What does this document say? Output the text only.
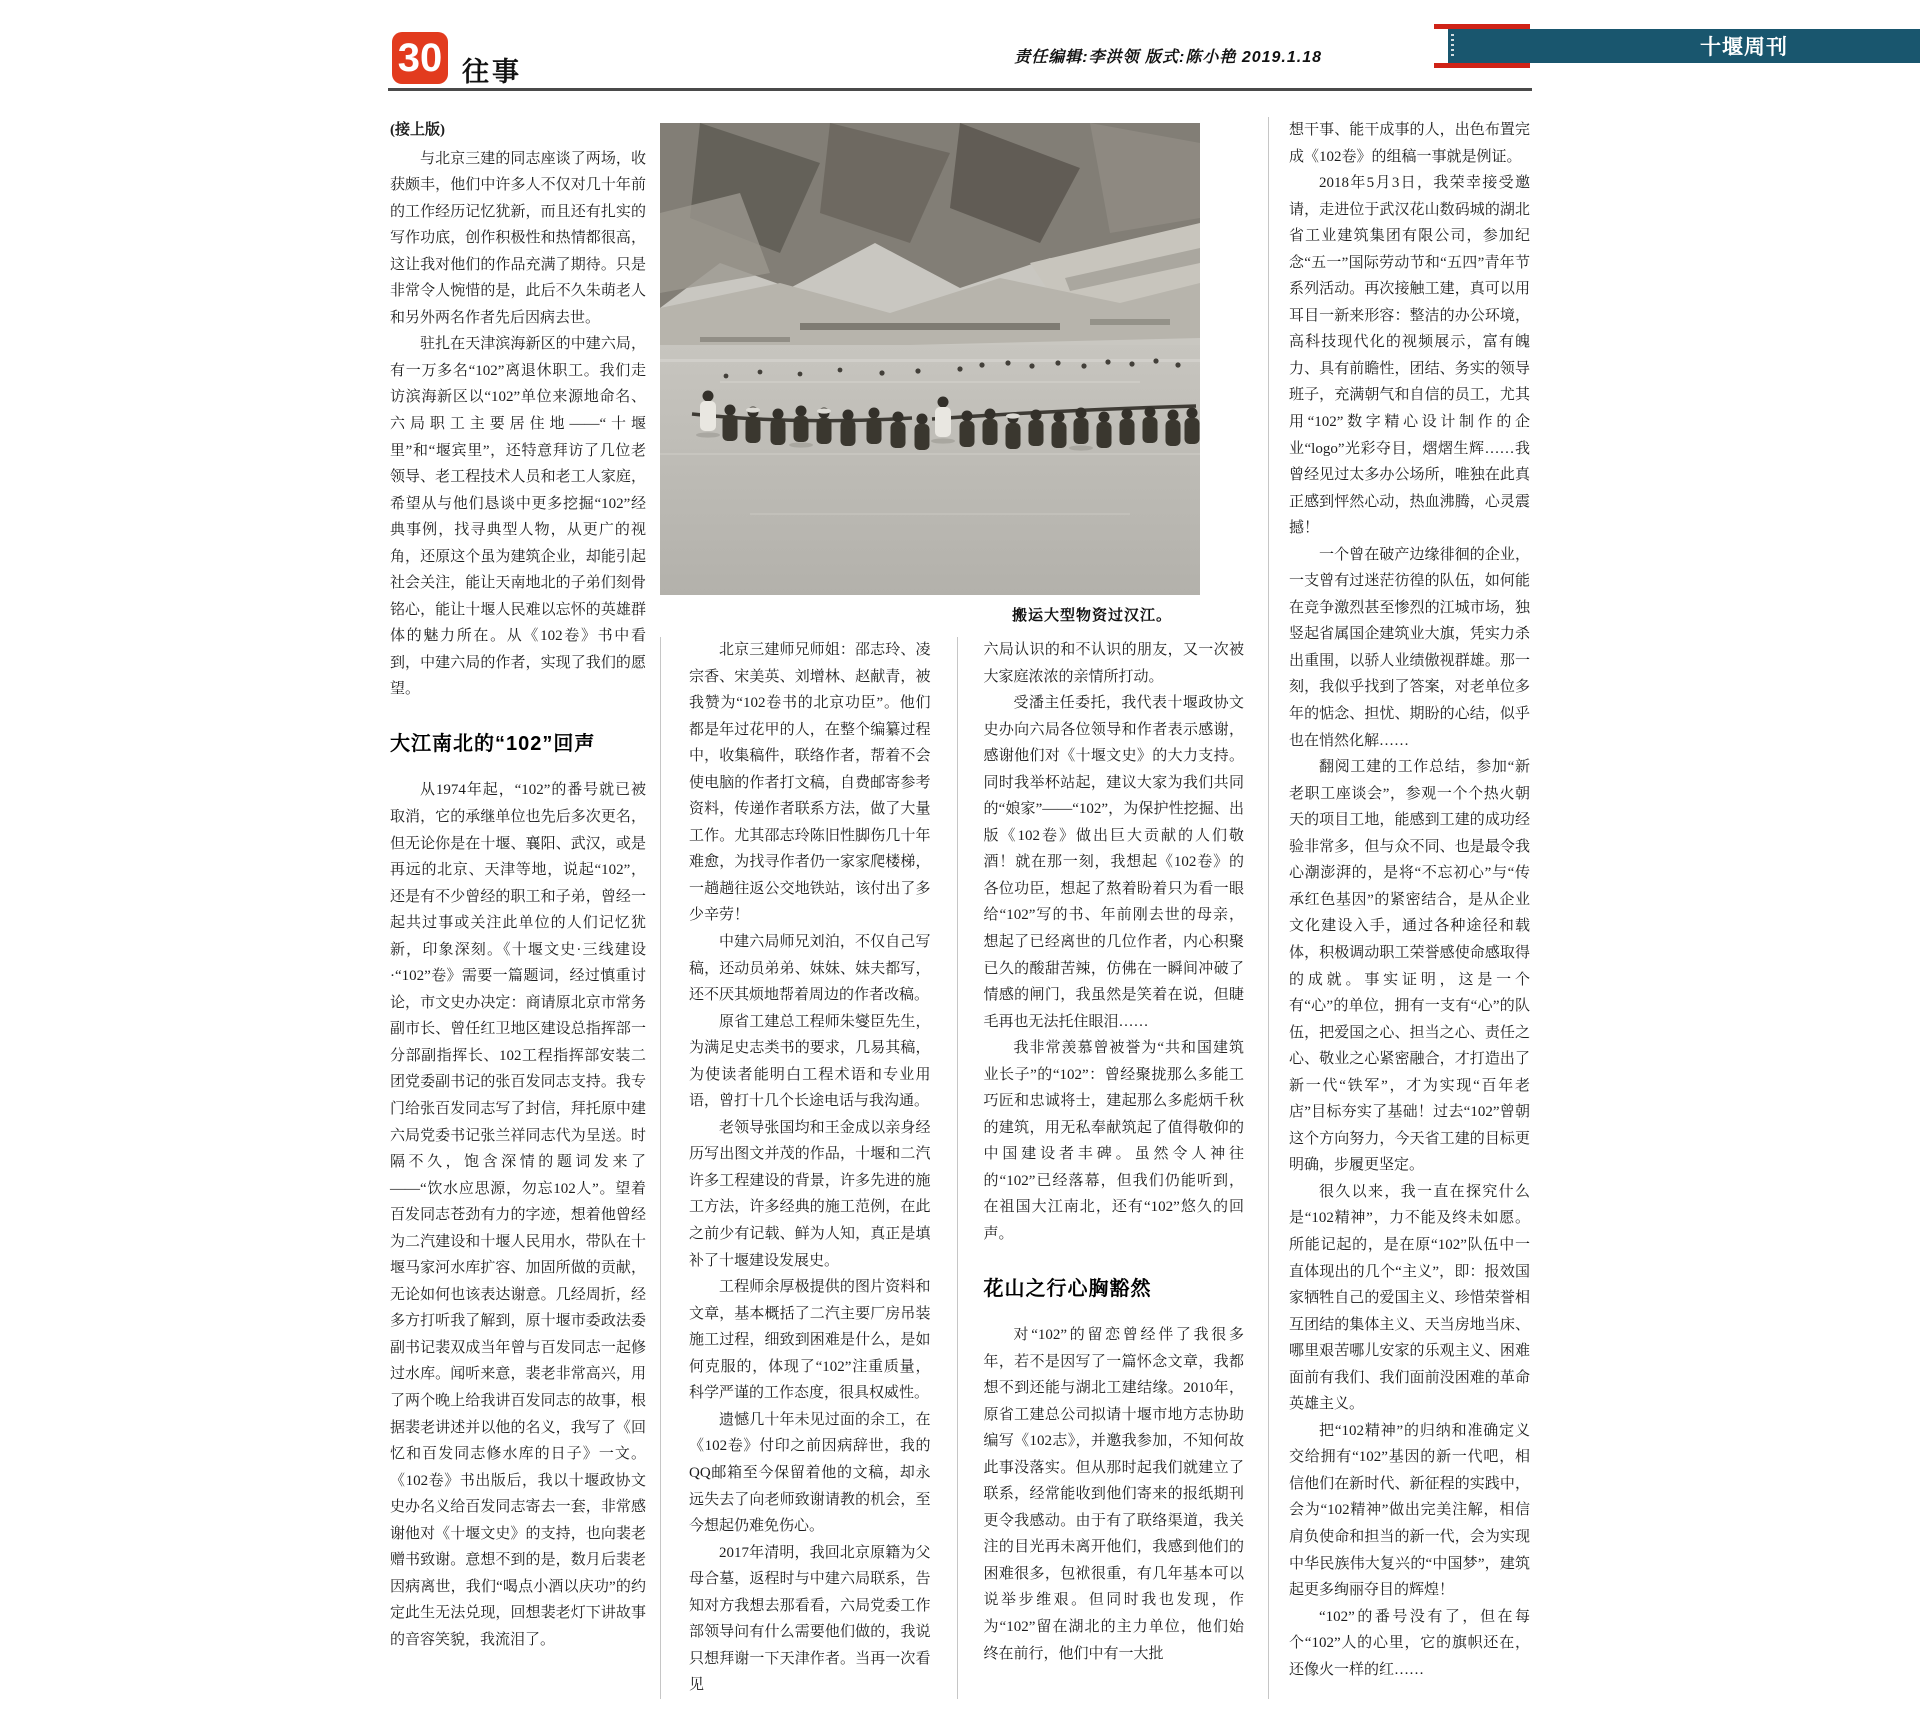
30 往事	责任编辑:李洪领 版式:陈小艳 2019.1.18	十堰周刊

(接上版)

与北京三建的同志座谈了两场，收获颇丰，他们中许多人不仅对几十年前的工作经历记忆犹新，而且还有扎实的写作功底，创作积极性和热情都很高，这让我对他们的作品充满了期待。只是非常令人惋惜的是，此后不久朱萌老人和另外两名作者先后因病去世。

驻扎在天津滨海新区的中建六局，有一万多名“102”离退休职工。我们走访滨海新区以“102”单位来源地命名、六局职工主要居住地——“十堰里”和“堰宾里”，还特意拜访了几位老领导、老工程技术人员和老工人家庭，希望从与他们恳谈中更多挖掘“102”经典事例，找寻典型人物，从更广的视角，还原这个虽为建筑企业，却能引起社会关注，能让天南地北的子弟们刻骨铭心，能让十堰人民难以忘怀的英雄群体的魅力所在。从《102卷》书中看到，中建六局的作者，实现了我们的愿望。

大江南北的“102”回声

从1974年起，“102”的番号就已被取消，它的承继单位也先后多次更名，但无论你是在十堰、襄阳、武汉，或是再远的北京、天津等地，说起“102”，还是有不少曾经的职工和子弟，曾经一起共过事或关注此单位的人们记忆犹新，印象深刻。《十堰文史·三线建设·“102”卷》需要一篇题词，经过慎重讨论，市文史办决定：商请原北京市常务副市长、曾任红卫地区建设总指挥部一分部副指挥长、102工程指挥部安装二团党委副书记的张百发同志支持。我专门给张百发同志写了封信，拜托原中建六局党委书记张兰祥同志代为呈送。时隔不久，饱含深情的题词发来了——“饮水应思源，勿忘102人”。望着百发同志苍劲有力的字迹，想着他曾经为二汽建设和十堰人民用水，带队在十堰马家河水库扩容、加固所做的贡献，无论如何也该表达谢意。几经周折，经多方打听我了解到，原十堰市委政法委副书记裴双成当年曾与百发同志一起修过水库。闻听来意，裴老非常高兴，用了两个晚上给我讲百发同志的故事，根据裴老讲述并以他的名义，我写了《回忆和百发同志修水库的日子》一文。《102卷》书出版后，我以十堰政协文史办名义给百发同志寄去一套，非常感谢他对《十堰文史》的支持，也向裴老赠书致谢。意想不到的是，数月后裴老因病离世，我们“喝点小酒以庆功”的约定此生无法兑现，回想裴老灯下讲故事的音容笑貌，我流泪了。

搬运大型物资过汉江。

北京三建师兄师姐：邵志玲、凌宗香、宋美英、刘增林、赵献青，被我赞为“102卷书的北京功臣”。他们都是年过花甲的人，在整个编纂过程中，收集稿件，联络作者，帮着不会使电脑的作者打文稿，自费邮寄参考资料，传递作者联系方法，做了大量工作。尤其邵志玲陈旧性脚伤几十年难愈，为找寻作者仍一家家爬楼梯，一趟趟往返公交地铁站，该付出了多少辛劳！

中建六局师兄刘泊，不仅自己写稿，还动员弟弟、妹妹、妹夫都写，还不厌其烦地帮着周边的作者改稿。

原省工建总工程师朱燮臣先生，为满足史志类书的要求，几易其稿，为使读者能明白工程术语和专业用语，曾打十几个长途电话与我沟通。

老领导张国均和王金成以亲身经历写出图文并茂的作品，十堰和二汽许多工程建设的背景，许多先进的施工方法，许多经典的施工范例，在此之前少有记载、鲜为人知，真正是填补了十堰建设发展史。

工程师余厚极提供的图片资料和文章，基本概括了二汽主要厂房吊装施工过程，细致到困难是什么，是如何克服的，体现了“102”注重质量，科学严谨的工作态度，很具权威性。

遗憾几十年未见过面的余工，在《102卷》付印之前因病辞世，我的QQ邮箱至今保留着他的文稿，却永远失去了向老师致谢请教的机会，至今想起仍难免伤心。

2017年清明，我回北京原籍为父母合墓，返程时与中建六局联系，告知对方我想去那看看，六局党委工作部领导问有什么需要他们做的，我说只想拜谢一下天津作者。当再一次看见

六局认识的和不认识的朋友，又一次被大家庭浓浓的亲情所打动。

受潘主任委托，我代表十堰政协文史办向六局各位领导和作者表示感谢，感谢他们对《十堰文史》的大力支持。同时我举杯站起，建议大家为我们共同的“娘家”——“102”，为保护性挖掘、出版《102卷》做出巨大贡献的人们敬酒！就在那一刻，我想起《102卷》的各位功臣，想起了熬着盼着只为看一眼给“102”写的书、年前刚去世的母亲，想起了已经离世的几位作者，内心积聚已久的酸甜苦辣，仿佛在一瞬间冲破了情感的闸门，我虽然是笑着在说，但睫毛再也无法托住眼泪……

我非常羡慕曾被誉为“共和国建筑业长子”的“102”：曾经聚拢那么多能工巧匠和忠诚将士，建起那么多彪炳千秋的建筑，用无私奉献筑起了值得敬仰的中国建设者丰碑。虽然令人神往的“102”已经落幕，但我们仍能听到，在祖国大江南北，还有“102”悠久的回声。

花山之行心胸豁然

对“102”的留恋曾经伴了我很多年，若不是因写了一篇怀念文章，我都想不到还能与湖北工建结缘。2010年，原省工建总公司拟请十堰市地方志协助编写《102志》，并邀我参加，不知何故此事没落实。但从那时起我们就建立了联系，经常能收到他们寄来的报纸期刊更令我感动。由于有了联络渠道，我关注的目光再未离开他们，我感到他们的困难很多，包袱很重，有几年基本可以说举步维艰。但同时我也发现，作为“102”留在湖北的主力单位，他们始终在前行，他们中有一大批

想干事、能干成事的人，出色布置完成《102卷》的组稿一事就是例证。

2018年5月3日，我荣幸接受邀请，走进位于武汉花山数码城的湖北省工业建筑集团有限公司，参加纪念“五一”国际劳动节和“五四”青年节系列活动。再次接触工建，真可以用耳目一新来形容：整洁的办公环境，高科技现代化的视频展示，富有魄力、具有前瞻性，团结、务实的领导班子，充满朝气和自信的员工，尤其用“102”数字精心设计制作的企业“logo”光彩夺目，熠熠生辉……我曾经见过太多办公场所，唯独在此真正感到怦然心动，热血沸腾，心灵震撼！

一个曾在破产边缘徘徊的企业，一支曾有过迷茫彷徨的队伍，如何能在竞争激烈甚至惨烈的江城市场，独竖起省属国企建筑业大旗，凭实力杀出重围，以骄人业绩傲视群雄。那一刻，我似乎找到了答案，对老单位多年的惦念、担忧、期盼的心结，似乎也在悄然化解……

翻阅工建的工作总结，参加“新老职工座谈会”，参观一个个热火朝天的项目工地，能感到工建的成功经验非常多，但与众不同、也是最令我心潮澎湃的，是将“不忘初心”与“传承红色基因”的紧密结合，是从企业文化建设入手，通过各种途径和载体，积极调动职工荣誉感使命感取得的成就。事实证明，这是一个有“心”的单位，拥有一支有“心”的队伍，把爱国之心、担当之心、责任之心、敬业之心紧密融合，才打造出了新一代“铁军”，才为实现“百年老店”目标夯实了基础！过去“102”曾朝这个方向努力，今天省工建的目标更明确，步履更坚定。

很久以来，我一直在探究什么是“102精神”，力不能及终未如愿。所能记起的，是在原“102”队伍中一直体现出的几个“主义”，即：报效国家牺牲自己的爱国主义、珍惜荣誉相互团结的集体主义、天当房地当床、哪里艰苦哪儿安家的乐观主义、困难面前有我们、我们面前没困难的革命英雄主义。

把“102精神”的归纳和准确定义交给拥有“102”基因的新一代吧，相信他们在新时代、新征程的实践中，会为“102精神”做出完美注解，相信肩负使命和担当的新一代，会为实现中华民族伟大复兴的“中国梦”，建筑起更多绚丽夺目的辉煌！

“102”的番号没有了，但在每个“102”人的心里，它的旗帜还在，还像火一样的红……
